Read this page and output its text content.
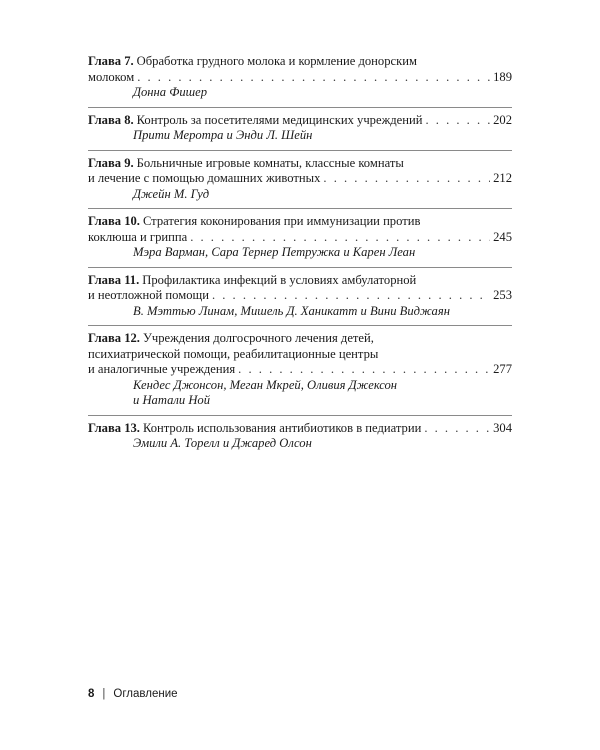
Глава 7. Обработка грудного молока и кормление донорским
молоком . . .	189
Донна Фишер
Глава 8. Контроль за посетителями медицинских учреждений . . .	202
Прити Меротра и Энди Л. Шейн
Глава 9. Больничные игровые комнаты, классные комнаты
и лечение с помощью домашних животных . . .	212
Джейн М. Гуд
Глава 10. Стратегия коконирования при иммунизации против
коклюша и гриппа . . .	245
Мэра Варман, Сара Тернер Петружка и Карен Леан
Глава 11. Профилактика инфекций в условиях амбулаторной
и неотложной помощи . . .	253
В. Мэттью Линам, Мишель Д. Ханикатт и Вини Виджаян
Глава 12. Учреждения долгосрочного лечения детей,
психиатрической помощи, реабилитационные центры
и аналогичные учреждения . . .	277
Кендес Джонсон, Меган Мкрей, Оливия Джексон
и Натали Ной
Глава 13. Контроль использования антибиотиков в педиатрии . . .	304
Эмили А. Торелл и Джаред Олсон
8 | Оглавление
